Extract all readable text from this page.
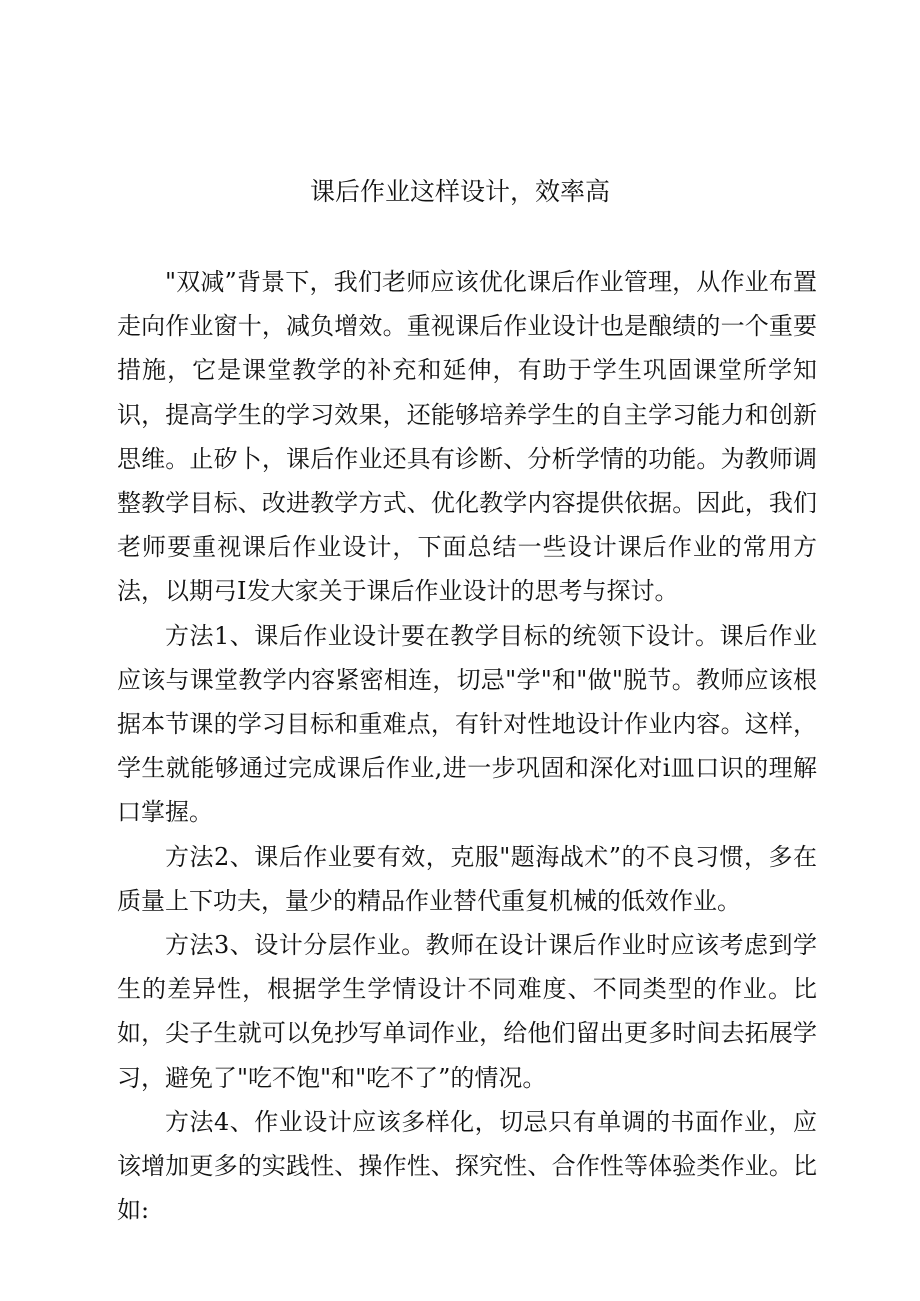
课后作业这样设计，效率高

"双减”背景下，我们老师应该优化课后作业管理，从作业布置走向作业窗十，减负增效。重视课后作业设计也是酿绩的一个重要措施，它是课堂教学的补充和延伸，有助于学生巩固课堂所学知识，提高学生的学习效果，还能够培养学生的自主学习能力和创新思维。止矽卜，课后作业还具有诊断、分析学情的功能。为教师调整教学目标、改进教学方式、优化教学内容提供依据。因此，我们老师要重视课后作业设计，下面总结一些设计课后作业的常用方法，以期弓I发大家关于课后作业设计的思考与探讨。

方法1、课后作业设计要在教学目标的统领下设计。课后作业应该与课堂教学内容紧密相连，切忌"学"和"做"脱节。教师应该根据本节课的学习目标和重难点，有针对性地设计作业内容。这样，学生就能够通过完成课后作业,进一步巩固和深化对i皿口识的理解口掌握。

方法2、课后作业要有效，克服"题海战术”的不良习惯，多在质量上下功夫，量少的精品作业替代重复机械的低效作业。

方法3、设计分层作业。教师在设计课后作业时应该考虑到学生的差异性，根据学生学情设计不同难度、不同类型的作业。比如，尖子生就可以免抄写单词作业，给他们留出更多时间去拓展学习，避免了"吃不饱"和"吃不了”的情况。

方法4、作业设计应该多样化，切忌只有单调的书面作业，应该增加更多的实践性、操作性、探究性、合作性等体验类作业。比如:
